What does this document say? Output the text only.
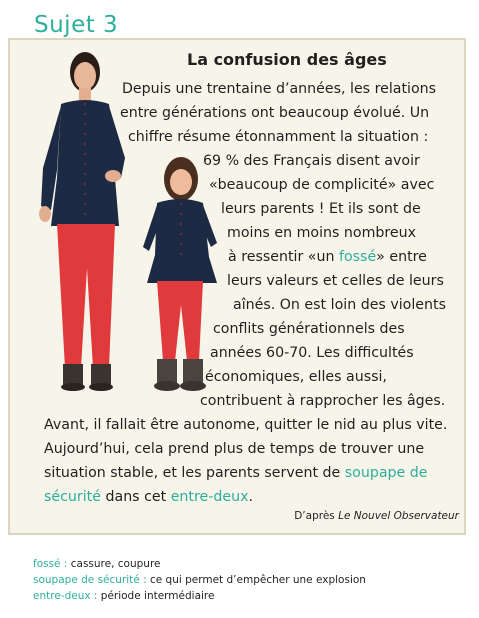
Sujet 3
La confusion des âges
Depuis une trentaine d’années, les relations
entre générations ont beaucoup évolué. Un
chiffre résume étonnamment la situation :
69 % des Français disent avoir
«beaucoup de complicité» avec
leurs parents ! Et ils sont de
moins en moins nombreux
à ressentir «un fossé» entre
leurs valeurs et celles de leurs
aînés. On est loin des violents
conflits générationnels des
années 60-70. Les difficultés
économiques, elles aussi,
contribuent à rapprocher les âges.
Avant, il fallait être autonome, quitter le nid au plus vite.
Aujourd’hui, cela prend plus de temps de trouver une
situation stable, et les parents servent de soupape de
sécurité dans cet entre-deux.
D’après Le Nouvel Observateur
fossé : cassure, coupure
soupape de sécurité : ce qui permet d’empêcher une explosion
entre-deux : période intermédiaire
